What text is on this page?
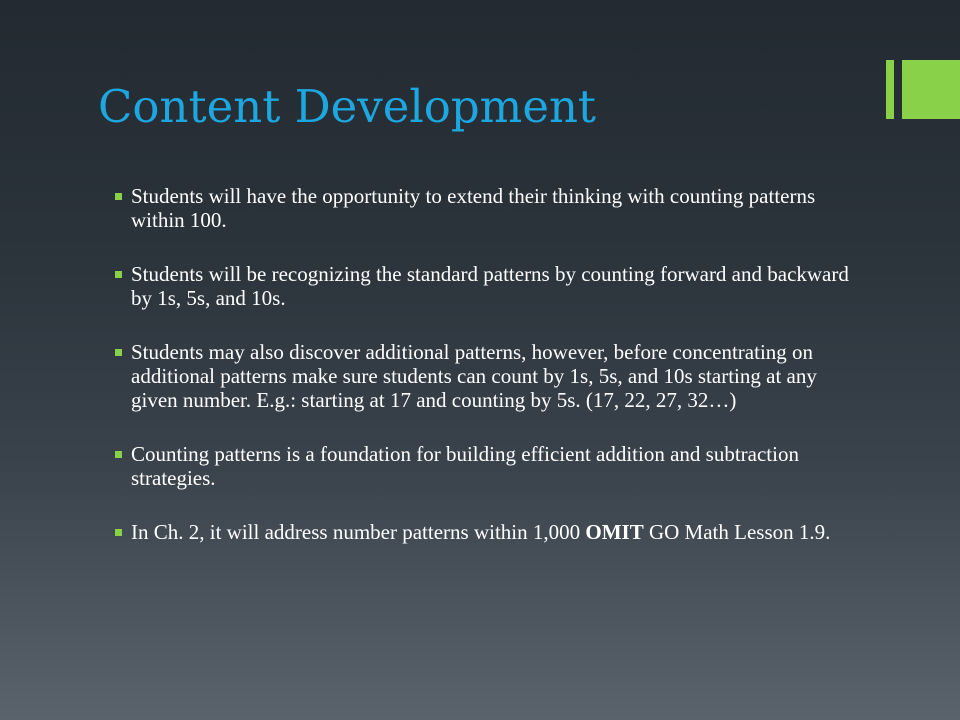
Content Development
Students will have the opportunity to extend their thinking with counting patterns within 100.
Students will be recognizing the standard patterns by counting forward and backward by 1s, 5s, and 10s.
Students may also discover additional patterns, however, before concentrating on additional patterns make sure students can count by 1s, 5s, and 10s starting at any given number. E.g.: starting at 17 and counting by 5s. (17, 22, 27, 32…)
Counting patterns is a foundation for building efficient addition and subtraction strategies.
In Ch. 2, it will address number patterns within 1,000 OMIT GO Math Lesson 1.9.
